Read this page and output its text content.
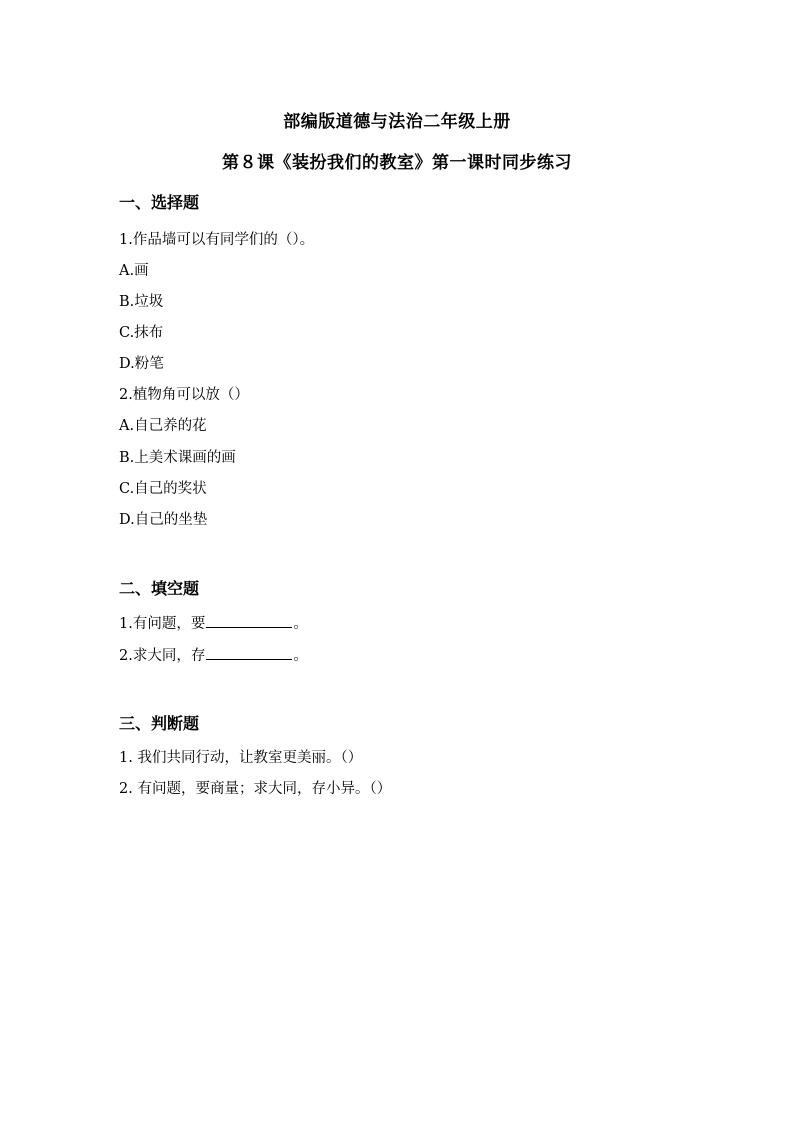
部编版道德与法治二年级上册
第８课《装扮我们的教室》第一课时同步练习
一、选择题
1.作品墙可以有同学们的（）。
A.画
B.垃圾
C.抹布
D.粉笔
2.植物角可以放（）
A.自己养的花
B.上美术课画的画
C.自己的奖状
D.自己的坐垫
二、填空题
1.有问题，要	。
2.求大同，存	。
三、判断题
1. 我们共同行动，让教室更美丽。（）
2. 有问题，要商量；求大同，存小异。（）
